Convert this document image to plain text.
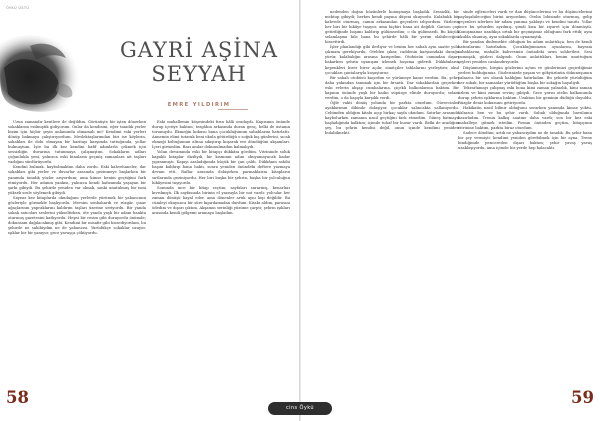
ÖYKÜ ÜSTÜ
GAYRİ AŞİNA
SEYYAH
EMRE YILDIRIM

Uzun zamandır kentlere de değildim. Görünüşte bir işten dönerken sokaklarım ezilmiştik gidiyorum. Onlar da kendisini, eğer tanıdık yerler bizim için hiçbir şeyin anlamında olmamalı mı? Kendimi eski yerleri dönüp bakmaya çalıştırıyordum. Meslektaşlarımdan biri ise köylerin, sokakları ile dolu olmayan bir haritayı karşımda tuttuğunda, yollar bulmuştum. İşte bu ilk kez kendini hafif adımlarla çekmek için sessizliğin duvarına tutunmaya çalışmıştım. Sokakların adları çoğunlukla yeni, yalnızca eski binaların geçmiş zamanlara ait taşları varlığını sürdürüyordu.

Kendini bulmak, kaybolmaktan daha zordu. Eski kahvehaneler, dar sokakları gibi yerler ve duvarlar arasında gezinmeye başlarken bir yanımda tanıdık yüzler arıyordum; ama kimse benim geçtiğimi fark etmiyordu. Her adımın yankısı, yalnızca kendi hafızamda yaşayan bir şarkı gibiydi. Bu şehirde yeniden var olmak, sanki unutulmuş bir ismi yüksek sesle söylemek gibiydi.

Sayısız kez kitaplarda okuduğum yerlerde yürümek bir yabancının gözleriyle görmekle başlıyordu. Mevsim sonbahardı ve rüzgâr, çınar ağaçlarının yapraklarını kaldırım taşları üzerine seriyordu. Bir yanda sokak satıcıları seslerini yükseltirken, öte yanda yaşlı bir adam bankta oturmuş gazetesini katlıyordu. Hepsi bir resim gibi duruyordu önümde; dokunsam dağılacakmış gibi. Kendimi bir misafir gibi hissediyordum, bu şehirde ne sahibiydim ne de yabancısı. Yürüdükçe sokaklar uzuyor, ışıklar bir bir yanıyor, gece yavaşça çöküyordu.

Eski mahallemin köşesindeki fırın hâlâ oradaydı. Kapısının önünde durup içeriye baktım; tezgâhın arkasında duran genç, belki de ustanın torunuydu. Ekmeğin kokusu bana çocukluğumun sabahlarını hatırlattı. Annemin elimi tutarak beni okula götürdüğü o soğuk kış günlerini, sıcak ekmeği koltuğumun altına sıkıştırıp koşarak eve döndüğüm akşamları. İçeri girmedim. Bazı anılar dokunulmadan kalmalıydı.

Yolun devamında eski bir kitapçı dükkânı gördüm. Vitrininde soluk kapaklı kitaplar diziliydi, bir kısmının adını okuyamayacak kadar yıpranmıştı. Kapıyı araladığımda küçük bir çan çaldı. Dükkânın sahibi başını kaldırıp bana baktı, sonra yeniden önündeki deftere yazmaya devam etti. Raflar arasında dolaşırken parmaklarım kitapların sırtlarında geziniyordu. Her biri başka bir şehrin, başka bir yolculuğun hikâyesini taşıyordu.

Sonunda ince bir kitap seçtim; sayfaları sararmış, kenarları kıvrılmıştı. İlk sayfasında birinin el yazısıyla bir not vardı: yolcular her zaman dönüşü hayal eder, ama dönenler artık aynı kişi değildir. Bu cümleyi okuyunca bir süre kıpırdamadan durdum. Kitabı aldım, parasını ödedim ve dışarı çıktım. Akşamın serinliği yüzüme çarptı; şehrin ışıkları arasında kendi gölgemi aramaya başladım.

58

nedenden doğan hüzünlerle konuşmaya başladık. Sessizlik, bir mektup gibiydi; herkes kendi payına düşeni okuyordu. Kalabalık bir kahvede oturmuş, camın arkasından geçenleri izliyordum. Yüzlerin her biri bir hikâye taşıyor, ama hiçbiri bana ait değildi. Garson çay getirdiğinde başımı kaldırıp gülümsedim; o da gülümsedi. Bu küçük selamlaşma bile bana bu şehirde hâlâ bir yerim olabileceğini hissettirdi.

İşler planlandığı gibi ilerliyor ve benim her sabah aynı saatte yola çıkmam gerekiyordu. Otelden çıkar, caddenin karşısındaki durağa yürür, kalabalığın arasına karışırdım. Otobüsün camından dışarı bakarken şehrin uyanışını izlemek hoşuma giderdi. Dükkânların kepenkleri birer birer açılır, simitçiler tablalarını yerleştirir, okul çocukları çantalarıyla koşuşturur.

Bir sabah otobüsü kaçırdım ve yürümeye karar verdim. Bu, şehri daha yakından tanımak için bir fırsattı. Dar sokaklardan geçerken eski evlerin ahşap cumbalarına, çiçekli balkonlarına baktım. Bir kapının önünde yaşlı bir kadın süpürge elinde duruyordu; selam verdim, o da başıyla karşılık verdi.

Öğle vakti dönüş yolunda bir parkta oturdum. Güvercinler ayaklarımın dibinde dolaşıyor, çocuklar salıncakta sallanıyordu. Cebimden aldığım kitabı açıp birkaç sayfa okudum. Satırlar arasında kaybolurken zamanın nasıl geçtiğini fark etmedim. Güneş batmaya başladığında kalktım; içimde tuhaf bir huzur vardı. Belki de aradığım şey, bu şehrin kendisi değil, onun içinde kendimi yeniden bulabilmekti.

sinde eğlenceleri vardı ve dan düşüncelerimi ve bu düşüncelerimi paylaşabileceğim birini arıyordum. Otelin lobisinde oturmuş, gelip geçenleri izlerken bir adam yanıma yaklaştı ve kendini tanıttı. Yıllar önce bu şehirden ayrılmış, şimdi kısa bir ziyaret için dönmüştü. Konuşmamız uzadıkça ortak bir geçmişimiz olduğunu fark ettik; aynı okulda okumuş, aynı sokaklarda oynamıştık.

Bir yandan dinlemekte olduğum bu adam anlattıkça, ben de kendi hatıralarımı hatırladım. Çocukluğumuzun oyunlarını, bayram sabahlarını, mahalle kahvesinin önündeki uzun sohbetleri. Sesi yumuşak, gözleri dalgındı. Onun anlattıkları, benim unuttuğum şeyleri yeniden canlandırıyordu.

Düşünmeyin, birgün gözlerimi açtım ve günlerimizi geçirdiğimiz yerleri bulduğumuz. Gözlerinizde yaşam ve gökyüzünün dokunuşunun yalnızca bir ses olarak kaldığını hatırladım. Bu şehirde yürüdüğüm her sokak, bir zamanlar yürüdüğüm başka bir sokağın hayaliydi.

Tekrarlamayı çalışmış eski bona kimi zaman yalnızlık, kimi zaman özlem ve kimi zaman sevinç gibiydi. Gece yarısı otelin balkonunda durup şehrin ışıklarına baktım. Uzaktan bir geminin düdüğü duyuldu. Rüzgâr deniz kokusunu getiriyordu.

Hakikatin nasıl bilinir olduğunu sorarken yanımda kimse yoktu. Yalnızca ben ve bu şehir vardı. Sabah olduğunda bavulumu hazırladım. Trenin kalkış saatine daha vardı; son bir kez eski mahalleye gitmek istedim. Fırının önünden geçtim, kitapçının vitrinine baktım, parkta biraz oturdum.

Sadece döndüm; artık ne yabancıydım ne de tanıdık. Bu şehir bana bir şey vermişti: kendimi yeniden görebilmek için bir ayna. Trene bindiğimde pencereden dışarı baktım; şehir yavaş yavaş uzaklaşıyordu, ama içimde bir yerde hep kalacaktı.

59
cins Öykü
